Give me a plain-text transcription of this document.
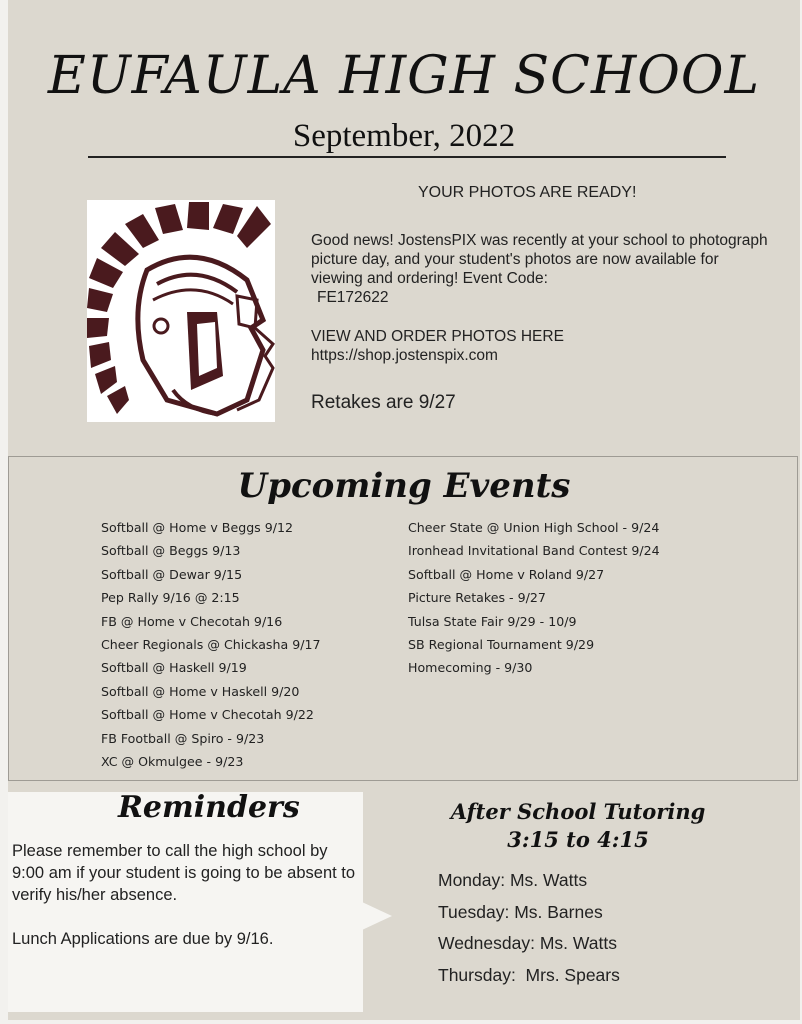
EUFAULA HIGH SCHOOL
September, 2022
YOUR PHOTOS ARE READY!

Good news! JostensPIX was recently at your school to photograph picture day, and your student's photos are now available for viewing and ordering! Event Code:

FE172622

VIEW AND ORDER PHOTOS HERE

https://shop.jostenspix.com

Retakes are 9/27
Upcoming Events
Softball @ Home v Beggs 9/12
Softball @ Beggs 9/13
Softball @ Dewar 9/15
Pep Rally 9/16 @ 2:15
FB @ Home v Checotah 9/16
Cheer Regionals @ Chickasha 9/17
Softball @ Haskell 9/19
Softball @ Home v Haskell 9/20
Softball @ Home v Checotah 9/22
FB Football @ Spiro - 9/23
XC @ Okmulgee - 9/23
Cheer State @ Union High School - 9/24
Ironhead Invitational Band Contest 9/24
Softball @ Home v Roland 9/27
Picture Retakes - 9/27
Tulsa State Fair 9/29 - 10/9
SB Regional Tournament 9/29
Homecoming - 9/30
Reminders

Please remember to call the high school by 9:00 am if your student is going to be absent to verify his/her absence.

Lunch Applications are due by 9/16.

After School Tutoring
3:15 to 4:15
Monday: Ms. Watts
Tuesday: Ms. Barnes
Wednesday: Ms. Watts
Thursday:  Mrs. Spears
